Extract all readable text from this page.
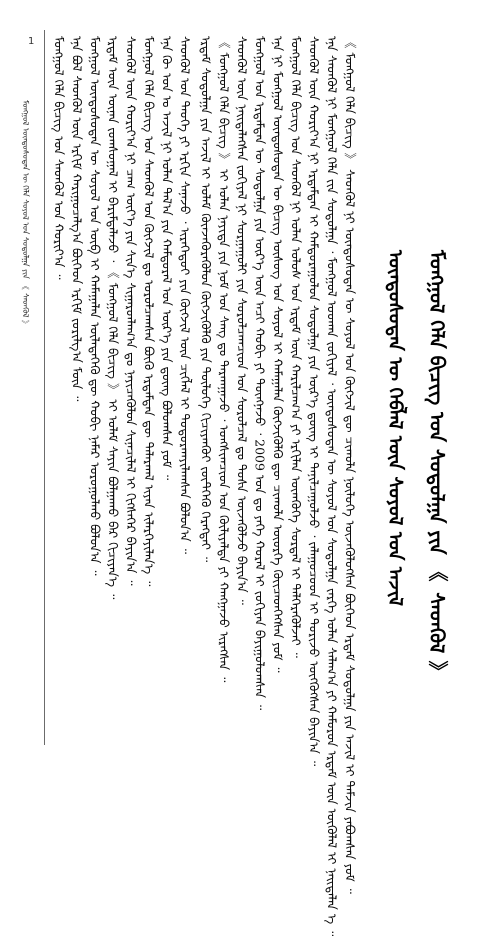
1
ᠮᠣᠩᠭᠣᠯ ᠦᠨᠳᠦᠰᠦᠲᠡᠨ ᠦ ᠬᠡᠯᠡ ᠰᠣᠶᠣᠯ ᠤᠨ ᠰᠤᠳᠤᠯᠭᠠ ᠶᠢᠨ 《 ᠰᠡᠳᠬᠦᠯ 》
ᠮᠣᠩᠭᠣᠯ ᠬᠡᠯᠡ ᠪᠢᠴᠢᠭ ᠤᠨ ᠰᠤᠳᠤᠯᠭᠠ ᠶᠢᠨ 《 ᠰᠡᠳᠬᠦᠯ 》
ᠦᠨᠳᠦᠰᠦᠲᠡᠨ ᠦ ᠬᠡᠪᠯᠡᠯ ᠦᠨ ᠰᠣᠶᠣᠯ ᠤᠨ ᠠᠵᠢᠯ
《 ᠮᠣᠩᠭᠣᠯ ᠬᠡᠯᠡ ᠪᠢᠴᠢᠭ 》 ᠰᠡᠳᠬᠦᠯ ᠨᠢ ᠦᠨᠳᠦᠰᠦᠲᠡᠨ ᠦ ᠰᠣᠶᠣᠯ ᠤᠨ ᠬᠥᠭᠵᠢᠯ ᠳᠦ ᠴᠢᠬᠤᠯᠠ ᠨᠥᠯᠦᠭᠡ ᠦᠵᠡᠭᠦᠯᠦᠭᠰᠡᠨ ᠪᠥᠭᠡᠳ ᠡᠷᠳᠡᠮ ᠰᠤᠳᠤᠯᠭᠠ ᠶᠢᠨ ᠠᠵᠢᠯ ᠢ ᠳᠡᠮᠵᠢᠨ ᠶᠠᠪᠤᠭᠰᠠᠨ ᠶᠤᠮ ᠃
ᠡᠨᠡ ᠰᠡᠳᠬᠦᠯ ᠨᠢ ᠮᠣᠩᠭᠣᠯ ᠬᠡᠯᠡ ᠵᠢᠨ ᠰᠤᠳᠤᠯᠭᠠ ᠂ ᠮᠣᠩᠭᠣᠯ ᠤᠳᠬᠠ ᠵᠣᠬᠢᠶᠠᠯ ᠂ ᠦᠨᠳᠦᠰᠦᠲᠡᠨ ᠦ ᠰᠣᠶᠣᠯ ᠤᠨ ᠰᠤᠳᠤᠯᠭᠠ ᠵᠡᠷᠭᠡ ᠣᠯᠠᠨ ᠰᠠᠯᠠᠭ᠎ᠠ ᠶᠢ ᠬᠠᠮᠤᠷᠤᠨ ᠡᠷᠳᠡᠮ ᠦᠨ ᠦᠭᠦᠯᠡᠯ ᠢ ᠨᠡᠢᠲᠡᠯᠡᠨ ᠡ ᠃
ᠰᠡᠳᠬᠦᠯ ᠦᠨ ᠬᠣᠷᠢᠶ᠎ᠠ ᠨᠢ ᠡᠷᠳᠡᠮᠲᠡᠨ ᠢ ᠬᠠᠮᠲᠤᠷᠠᠭᠤᠯᠤᠨ ᠰᠤᠳᠤᠯᠭᠠ ᠶᠢᠨ ᠦᠷ᠎ᠡ ᠳ᠋ᠦᠩ ᠢ ᠲᠠᠨᠢᠯᠴᠠᠭᠤᠯᠵᠤ ᠂ ᠵᠠᠯᠠᠭᠤᠴᠤᠳ ᠢ ᠲᠣᠷᠢᠵᠤ ᠦᠭᠭᠦᠭᠰᠡᠨ ᠪᠠᠶᠢᠨ᠎ᠠ ᠃
ᠮᠣᠩᠭᠣᠯ ᠬᠡᠯᠡ ᠪᠢᠴᠢᠭ ᠤᠨ ᠰᠡᠳᠬᠦᠯ ᠨᠢ ᠣᠯᠠᠨ ᠤᠯᠤᠰ ᠤᠨ ᠡᠷᠳᠡᠮ ᠦᠨ ᠬᠠᠷᠢᠯᠴᠠᠭ᠎ᠠ ᠶᠢ ᠡᠷᠬᠢᠯᠡᠨ ᠦᠭ᠍ᠭᠦᠭᠡ ᠰᠤᠷᠲᠠᠯ ᠢ ᠳᠡᠯᠭᠡᠷᠡᠭᠦᠯᠵᠡᠢ ᠃
ᠡᠨᠡ ᠨᠢ ᠮᠣᠩᠭᠣᠯ ᠦᠨᠳᠦᠰᠦᠲᠡᠨ ᠦ ᠪᠢᠴᠢᠭ ᠦᠰᠦᠭ ᠤᠨ ᠰᠣᠶᠣᠯ ᠢ ᠬᠠᠮᠠᠭᠠᠯᠠᠨ ᠬᠥᠭᠵᠢᠭᠦᠯᠬᠦ ᠳᠦ ᠴᠢᠬᠤᠯᠠ ᠦᠦᠷᠭᠡ ᠭᠦᠢᠴᠡᠳᠬᠡᠭᠰᠡᠨ ᠶᠤᠮ ᠃
ᠮᠣᠩᠭᠣᠯ ᠤᠨ ᠡᠷᠳᠡᠮᠲᠡᠨ ᠦ ᠰᠤᠳᠤᠯᠭᠠ ᠶᠢᠨ ᠦᠷ᠎ᠡ ᠦᠨ ᠠᠴᠢ ᠬᠤᠪᠢ ᠶᠢ ᠳᠦᠩᠨᠡᠵᠦ ᠂ 2009 ᠣᠨ ᠳᠤ ᠶᠡᠬᠡ ᠬᠤᠷᠠᠯ ᠢ ᠵᠣᠬᠢᠶᠠᠨ ᠪᠠᠶᠢᠭᠤᠯᠤᠭᠰᠠᠨ ᠃
ᠰᠡᠳᠬᠦᠯ ᠦᠨ ᠨᠡᠢᠲᠡᠯᠡᠭᠰᠡᠨ ᠵᠣᠬᠢᠶᠠᠯ ᠨᠢ ᠰᠤᠷᠭᠠᠭᠤᠯᠢ ᠶᠢᠨ ᠰᠤᠷᠤᠯᠴᠠᠭᠴᠢᠳ ᠤᠨ ᠰᠤᠷᠤᠯᠴᠠᠯ ᠳᠤ ᠲᠤᠰᠠ ᠦᠵᠡᠭᠦᠯᠵᠦ ᠪᠠᠶᠢᠨ᠎ᠠ ᠃
《 ᠮᠣᠩᠭᠣᠯ ᠬᠡᠯᠡ ᠪᠢᠴᠢᠭ 》 ᠢ ᠣᠯᠠᠨ ᠨᠡᠶᠢᠲᠡ ᠶᠢᠨ ᠨᠣᠮ ᠤᠨ ᠰᠠᠩ ᠳᠤ ᠲᠠᠷᠬᠠᠭᠠᠵᠤ ᠂ ᠤᠩᠰᠢᠭᠴᠢᠳ ᠤᠨ ᠬᠦᠯᠢᠶᠡᠯᠲᠡ ᠶᠢ ᠬᠠᠩᠭᠠᠵᠤ ᠢᠷᠡᠭᠰᠡᠨ ᠃
ᠡᠷᠳᠡᠮ ᠰᠤᠳᠤᠯᠭᠠ ᠶᠢᠨ ᠠᠵᠢᠯ ᠢ ᠤᠯᠠᠮ ᠭᠦᠨᠵᠡᠭᠦᠷᠡᠭᠦᠯᠦᠨ ᠬᠥᠭᠵᠢᠭᠦᠯᠬᠦ ᠶᠢᠨ ᠲᠥᠯᠦᠭᠡ ᠬᠢᠴᠢᠶᠡᠨᠭᠦᠢ ᠵᠦᠲᠭᠡᠬᠦ ᠬᠡᠷᠡᠭᠲᠡᠶ ᠃
ᠰᠡᠳᠬᠦᠯ ᠤᠨ ᠲᠡᠦᠬᠡ ᠶᠢ ᠡᠷᠭᠢᠨ ᠰᠠᠨᠠᠵᠤ ᠂ ᠢᠷᠡᠭᠡᠳᠦᠢ ᠶᠢᠨ ᠬᠥᠭᠵᠢᠯ ᠦᠨ ᠴᠢᠭᠯᠡᠯ ᠢ ᠲᠣᠳᠤᠷᠬᠠᠶᠢᠯᠠᠭᠰᠠᠨ ᠪᠤᠯᠤᠨ᠎ᠠ ᠃
ᠡᠨᠡ ᠬᠦ ᠣᠨ ᠤ ᠠᠵᠢᠯ ᠨᠢ ᠣᠯᠠᠨ ᠲᠠᠯ᠎ᠠ ᠶᠢᠨ ᠬᠠᠮᠲᠤᠷᠠᠯ ᠤᠨ ᠦᠷ᠎ᠡ ᠶᠢᠨ ᠳ᠋ᠦᠩ ᠪᠣᠯᠤᠭᠰᠠᠨ ᠶᠤᠮ ᠃
ᠮᠣᠩᠭᠣᠯ ᠬᠡᠯᠡ ᠪᠢᠴᠢᠭ ᠤᠨ ᠰᠡᠳᠬᠦᠯ ᠤᠨ ᠬᠥᠭᠵᠢᠯ ᠳᠤ ᠣᠷᠤᠯᠴᠠᠭᠰᠠᠨ ᠪᠦᠬᠦ ᠡᠷᠳᠡᠮᠲᠡᠨ ᠳᠦ ᠲᠠᠯᠠᠷᠬᠠᠯ ᠢᠶᠡᠨ ᠢᠯᠡᠷᠬᠡᠶᠢᠯᠡᠨ᠎ᠡ ᠃
ᠰᠡᠳᠬᠦᠯ ᠦᠨ ᠬᠣᠷᠢᠶ᠎ᠠ ᠨᠢ ᠴᠠᠭ ᠦᠶ᠎ᠡ ᠶᠢᠨ ᠰᠢᠨ᠎ᠡ ᠰᠢᠭᠠᠷᠳᠯᠠᠭ᠎ᠠ ᠳᠤ ᠨᠡᠶᠢᠴᠡᠭᠦᠯᠦᠨ ᠰᠢᠨᠡᠴᠢᠯᠡᠯ ᠢ ᠬᠢᠭᠰᠡᠭᠡᠷ ᠪᠠᠶᠢᠨ᠎ᠠ ᠃
ᠡᠷᠳᠡᠮ ᠦᠨ ᠦᠨᠡᠨ ᠵᠣᠭᠰᠣᠭᠠᠯ ᠢ ᠪᠠᠷᠢᠮᠲᠠᠯᠠᠵᠤ ᠂ 《 ᠮᠣᠩᠭᠣᠯ ᠬᠡᠯᠡ ᠪᠢᠴᠢᠭ 》 ᠢ ᠤᠯᠠᠮ ᠰᠠᠶᠢᠨ ᠪᠣᠯᠭᠠᠬᠤ ᠪᠠᠷ ᠬᠢᠴᠢᠶᠡᠨ᠎ᠡ ᠃
ᠮᠣᠩᠭᠣᠯ ᠦᠨᠳᠦᠰᠦᠲᠡᠨ ᠦ ᠰᠣᠶᠣᠯ ᠤᠨ ᠦᠪ ᠢ ᠬᠠᠮᠠᠭᠠᠯᠠᠨ ᠦᠯᠡᠳᠡᠭᠡᠬᠦ ᠳᠦ ᠬᠤᠪᠢ ᠨᠡᠮᠡᠷ ᠣᠷᠣᠭᠤᠯᠬᠤ ᠪᠣᠯᠤᠨ᠎ᠠ ᠃
ᠡᠨᠡ ᠪᠣᠯ ᠰᠡᠳᠬᠦᠯ ᠦᠨ ᠡᠷᠬᠢᠮ ᠬᠠᠷᠢᠭᠤᠴᠠᠯᠭ᠎ᠠ ᠪᠥᠭᠡᠳ ᠡᠷᠬᠢᠮ ᠵᠣᠷᠢᠯᠭ᠎ᠠ ᠮᠥᠨ ᠃
ᠮᠣᠩᠭᠣᠯ ᠬᠡᠯᠡ ᠪᠢᠴᠢᠭ ᠤᠨ ᠰᠡᠳᠬᠦᠯ ᠤᠨ ᠬᠣᠷᠢᠶ᠎ᠠ ᠃
